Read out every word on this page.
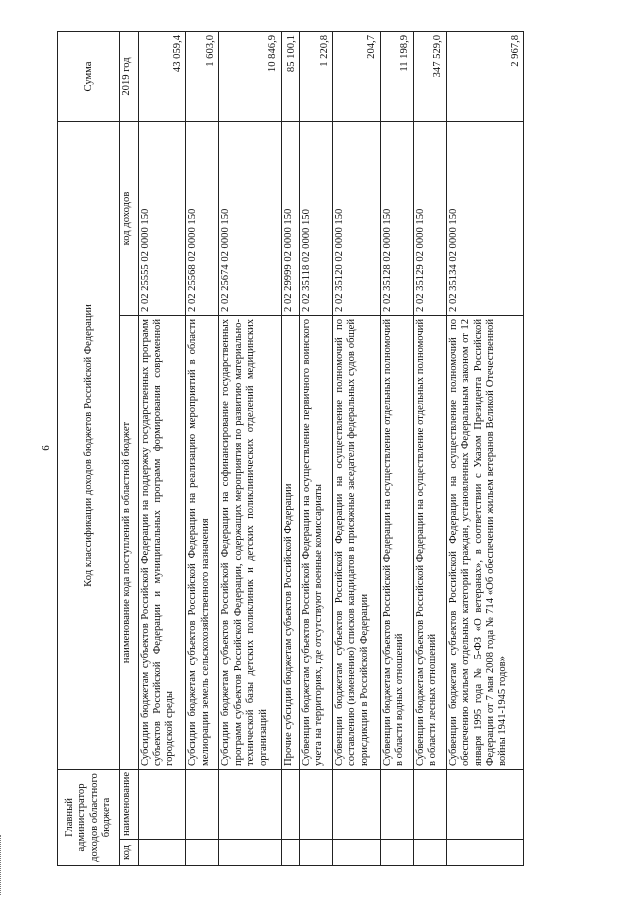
6
Главный администратор доходов областного бюджета		Код классификации доходов бюджетов Российской Федерации		Сумма
код	наименование	наименование кода поступлений в областной бюджет	код доходов	2019 год
		Субсидии бюджетам субъектов Российской Федерации на поддержку государственных программ субъектов Российской Федерации и муниципальных программ формирования современной городской среды	2 02 25555 02 0000 150	43 059,4
		Субсидии бюджетам субъектов Российской Федерации на реализацию мероприятий в области мелиорации земель сельскохозяйственного назначения	2 02 25568 02 0000 150	1 603,0
		Субсидии бюджетам субъектов Российской Федерации на софинансирование государственных программ субъектов Российской Федерации, содержащих мероприятия по развитию материально-технической базы детских поликлиник и детских поликлинических отделений медицинских организаций	2 02 25674 02 0000 150	10 846,9
		Прочие субсидии бюджетам субъектов Российской Федерации	2 02 29999 02 0000 150	85 100,1
		Субвенции бюджетам субъектов Российской Федерации на осуществление первичного воинского учета на территориях, где отсутствуют военные комиссариаты	2 02 35118 02 0000 150	1 220,8
		Субвенции бюджетам субъектов Российской Федерации на осуществление полномочий по составлению (изменению) списков кандидатов в присяжные заседатели федеральных судов общей юрисдикции в Российской Федерации	2 02 35120 02 0000 150	204,7
		Субвенции бюджетам субъектов Российской Федерации на осуществление отдельных полномочий в области водных отношений	2 02 35128 02 0000 150	11 198,9
		Субвенции бюджетам субъектов Российской Федерации на осуществление отдельных полномочий в области лесных отношений	2 02 35129 02 0000 150	347 529,0
		Субвенции бюджетам субъектов Российской Федерации на осуществление полномочий по обеспечению жильем отдельных категорий граждан, установленных Федеральным законом от 12 января 1995 года № 5-ФЗ «О ветеранах», в соответствии с Указом Президента Российской Федерации от 7 мая 2008 года № 714 «Об обеспечении жильем ветеранов Великой Отечественной войны 1941-1945 годов»	2 02 35134 02 0000 150	2 967,8
